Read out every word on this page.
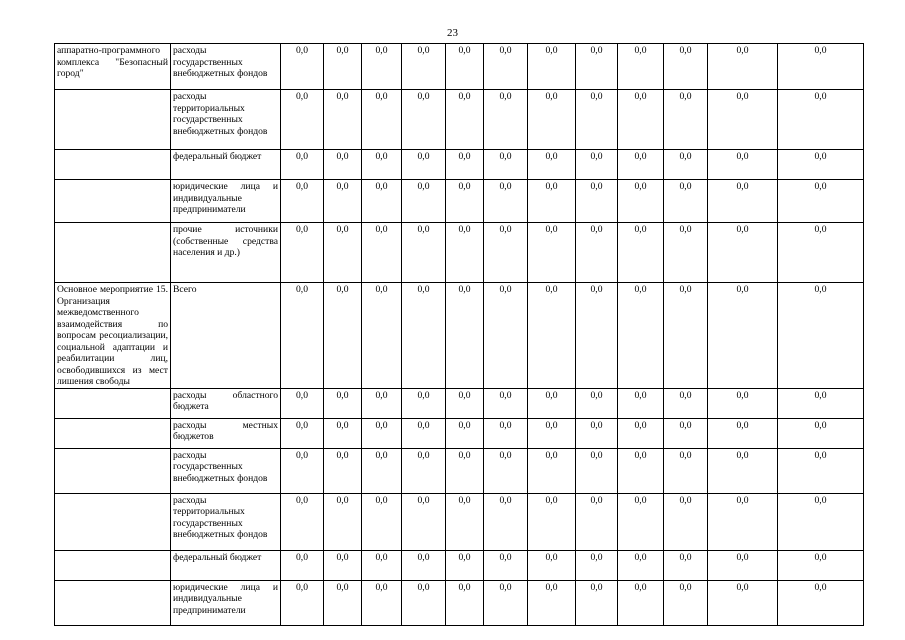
23
аппаратно-программного комплекса "Безопасный город"	расходы государственных внебюджетных фондов	0,0	0,0	0,0	0,0	0,0	0,0	0,0	0,0	0,0	0,0	0,0	0,0
	расходы территориальных государственных внебюджетных фондов	0,0	0,0	0,0	0,0	0,0	0,0	0,0	0,0	0,0	0,0	0,0	0,0
	федеральный бюджет	0,0	0,0	0,0	0,0	0,0	0,0	0,0	0,0	0,0	0,0	0,0	0,0
	юридические лица и индивидуальные предприниматели	0,0	0,0	0,0	0,0	0,0	0,0	0,0	0,0	0,0	0,0	0,0	0,0
	прочие источники (собственные средства населения и др.)	0,0	0,0	0,0	0,0	0,0	0,0	0,0	0,0	0,0	0,0	0,0	0,0
Основное мероприятие 15. Организация межведомственного взаимодействия по вопросам ресоциализации, социальной адаптации и реабилитации лиц, освободившихся из мест лишения свободы	Всего	0,0	0,0	0,0	0,0	0,0	0,0	0,0	0,0	0,0	0,0	0,0	0,0
	расходы областного бюджета	0,0	0,0	0,0	0,0	0,0	0,0	0,0	0,0	0,0	0,0	0,0	0,0
	расходы местных бюджетов	0,0	0,0	0,0	0,0	0,0	0,0	0,0	0,0	0,0	0,0	0,0	0,0
	расходы государственных внебюджетных фондов	0,0	0,0	0,0	0,0	0,0	0,0	0,0	0,0	0,0	0,0	0,0	0,0
	расходы территориальных государственных внебюджетных фондов	0,0	0,0	0,0	0,0	0,0	0,0	0,0	0,0	0,0	0,0	0,0	0,0
	федеральный бюджет	0,0	0,0	0,0	0,0	0,0	0,0	0,0	0,0	0,0	0,0	0,0	0,0
	юридические лица и индивидуальные предприниматели	0,0	0,0	0,0	0,0	0,0	0,0	0,0	0,0	0,0	0,0	0,0	0,0
